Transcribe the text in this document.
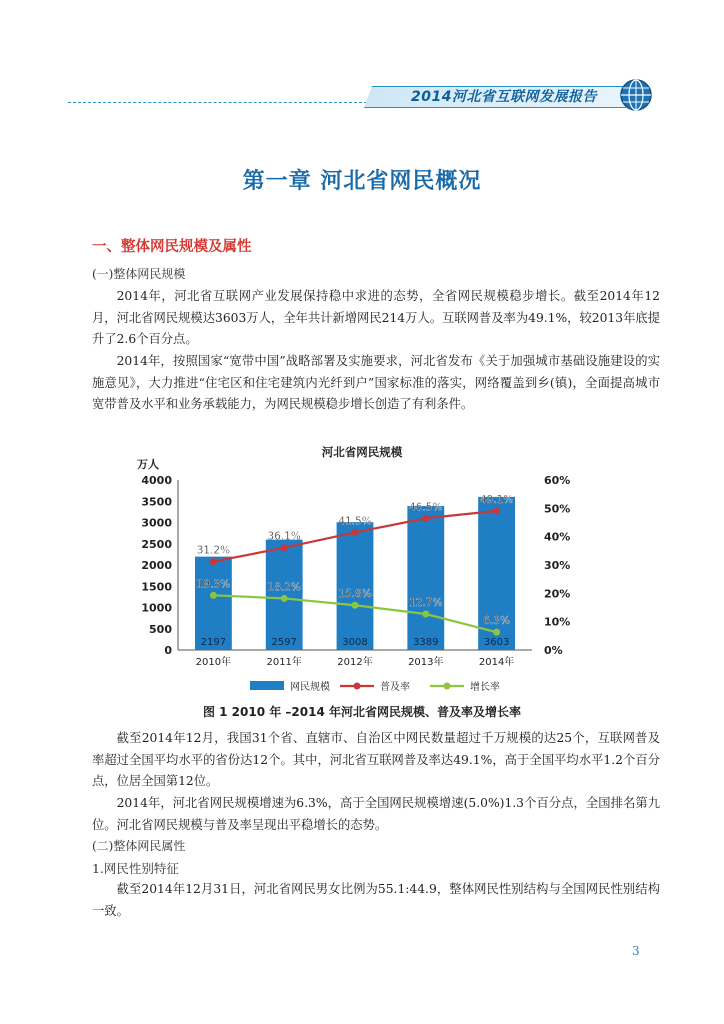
2014河北省互联网发展报告
第一章 河北省网民概况
一、整体网民规模及属性
(一)整体网民规模
2014年，河北省互联网产业发展保持稳中求进的态势，全省网民规模稳步增长。截至2014年12月，河北省网民规模达3603万人，全年共计新增网民214万人。互联网普及率为49.1%，较2013年底提升了2.6个百分点。
2014年，按照国家“宽带中国”战略部署及实施要求，河北省发布《关于加强城市基础设施建设的实施意见》，大力推进“住宅区和住宅建筑内光纤到户”国家标准的落实，网络覆盖到乡(镇)，全面提高城市宽带普及水平和业务承载能力，为网民规模稳步增长创造了有利条件。
河北省网民规模
0
500
1000
1500
2000
2500
3000
3500
4000
万人
0%
10%
20%
30%
40%
50%
60%
2010年	2011年	2012年	2013年	2014年
2197	2597	3008	3389	3603
31.2%
36.1%
41.5%
46.5%
49.1%
19.3%	18.2%
15.8%
12.7%
6.3%
网民规模	普及率	增长率
图 1 2010 年 –2014 年河北省网民规模、普及率及增长率
截至2014年12月，我国31个省、直辖市、自治区中网民数量超过千万规模的达25个，互联网普及率超过全国平均水平的省份达12个。其中，河北省互联网普及率达49.1%，高于全国平均水平1.2个百分点，位居全国第12位。
2014年，河北省网民规模增速为6.3%，高于全国网民规模增速(5.0%)1.3个百分点，全国排名第九位。河北省网民规模与普及率呈现出平稳增长的态势。
(二)整体网民属性
1.网民性别特征
截至2014年12月31日，河北省网民男女比例为55.1:44.9，整体网民性别结构与全国网民性别结构一致。
3
